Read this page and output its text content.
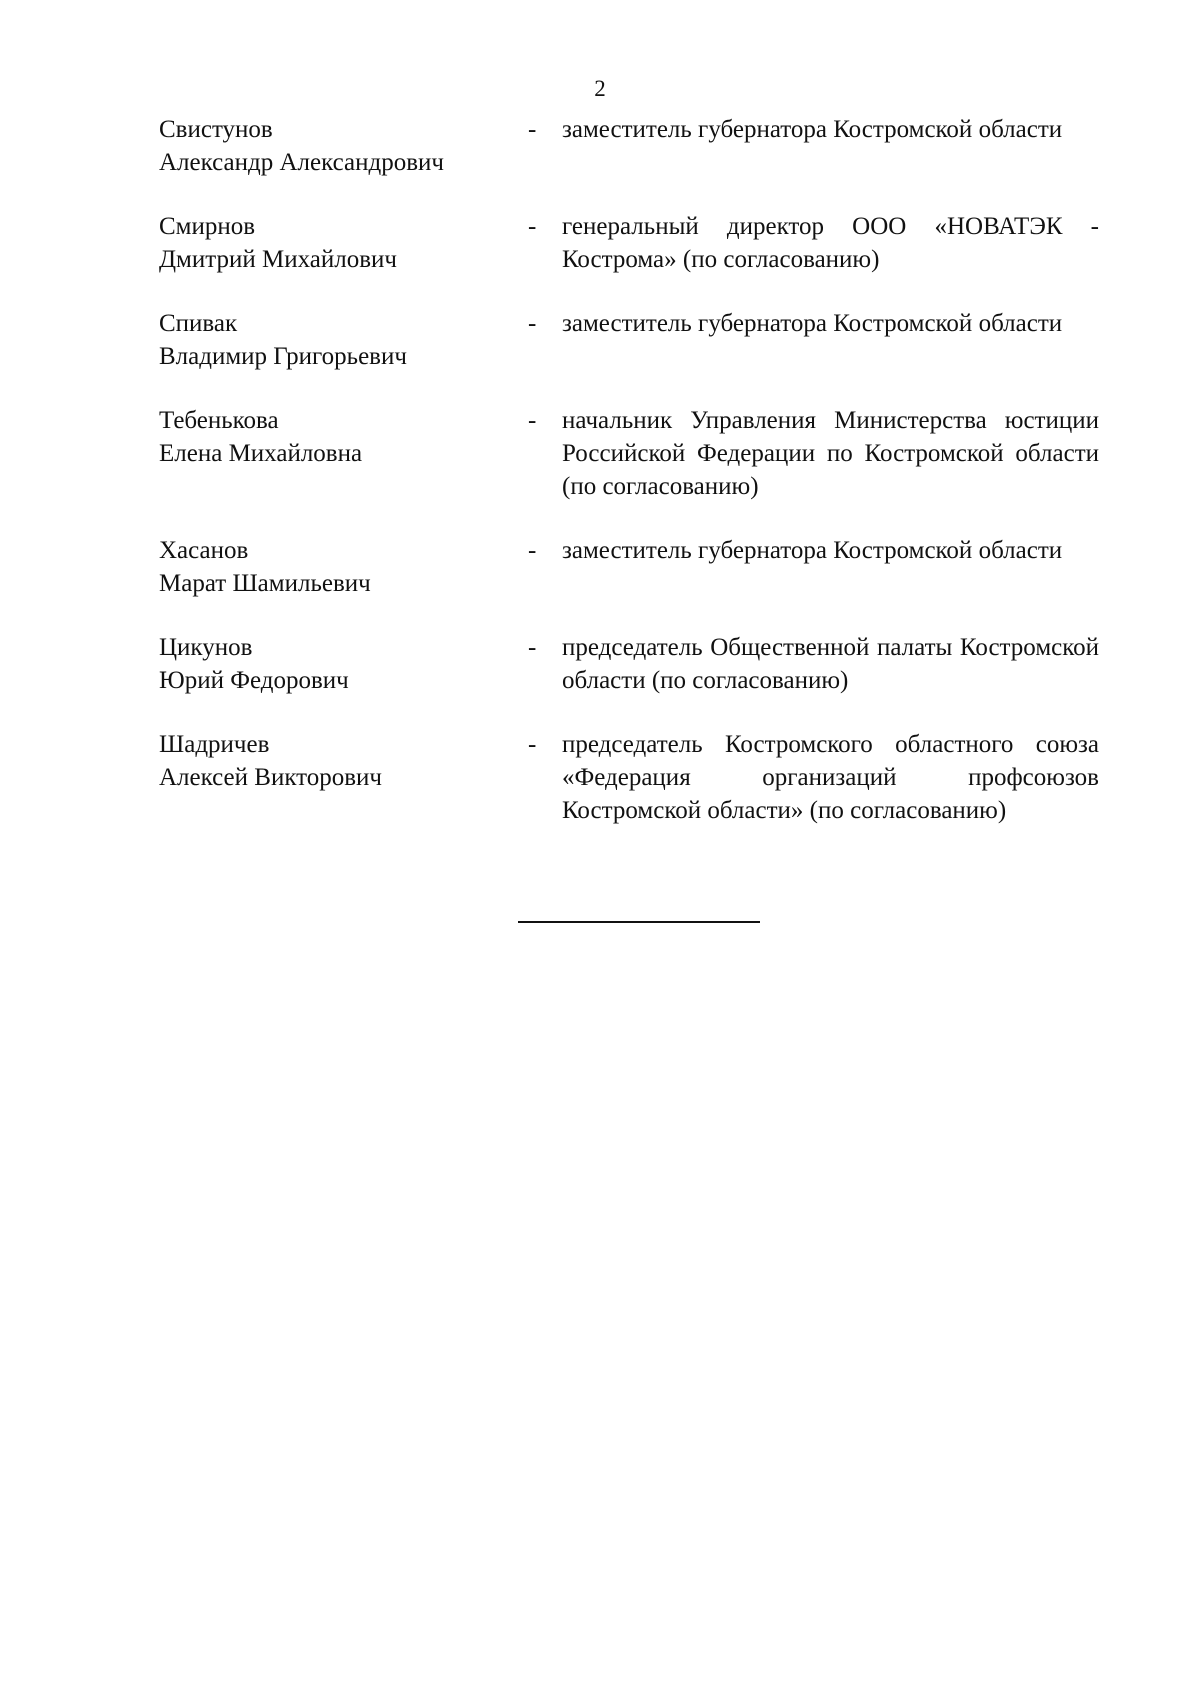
2
Свистунов
Александр Александрович
- заместитель губернатора Костромской области
Смирнов
Дмитрий Михайлович
- генеральный директор ООО «НОВАТЭК - Кострома» (по согласованию)
Спивак
Владимир Григорьевич
- заместитель губернатора Костромской области
Тебенькова
Елена Михайловна
- начальник Управления Министерства юстиции Российской Федерации по Костромской области (по согласованию)
Хасанов
Марат Шамильевич
- заместитель губернатора Костромской области
Цикунов
Юрий Федорович
- председатель Общественной палаты Костромской области (по согласованию)
Шадричев
Алексей Викторович
- председатель Костромского областного союза «Федерация организаций профсоюзов Костромской области» (по согласованию)
